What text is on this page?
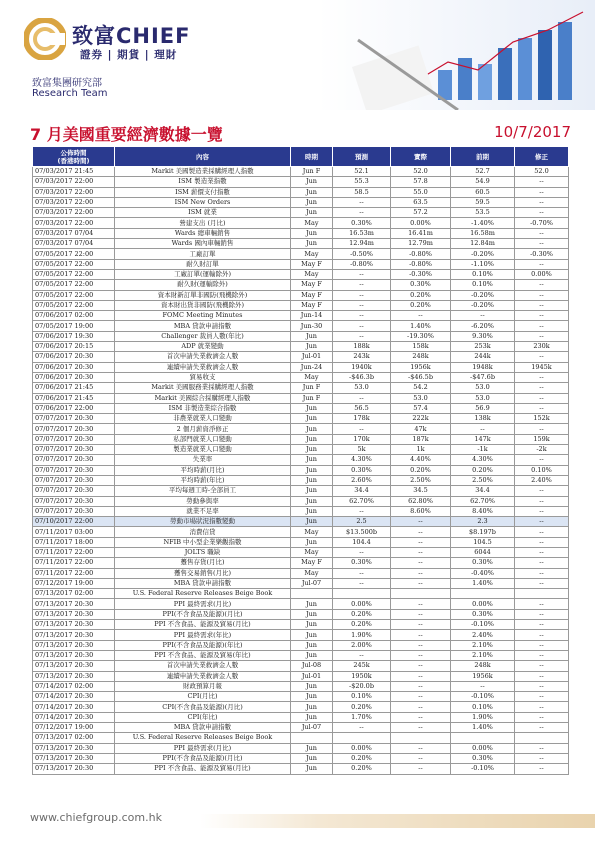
致富CHIEF
證券 | 期貨 | 理財
致富集團研究部
Research Team
7 月美國重要經濟數據一覽	10/7/2017
公佈時間
(香港時間)	內容	時期	預測	實際	前期	修正
07/03/2017 21:45	Markit 美國製造業採購經理人指數	Jun F	52.1	52.0	52.7	52.0
07/03/2017 22:00	ISM 製造業指數	Jun	55.3	57.8	54.9	--
07/03/2017 22:00	ISM 薪價支付指數	Jun	58.5	55.0	60.5	--
07/03/2017 22:00	ISM New Orders	Jun	--	63.5	59.5	--
07/03/2017 22:00	ISM 就業	Jun	--	57.2	53.5	--
07/03/2017 22:00	營建支出 (月比)	May	0.30%	0.00%	-1.40%	-0.70%
07/03/2017 07/04	Wards 總車輛銷售	Jun	16.53m	16.41m	16.58m	--
07/03/2017 07/04	Wards 國內車輛銷售	Jun	12.94m	12.79m	12.84m	--
07/05/2017 22:00	工廠訂單	May	-0.50%	-0.80%	-0.20%	-0.30%
07/05/2017 22:00	耐久財訂單	May F	-0.80%	-0.80%	-1.10%	--
07/05/2017 22:00	工廠訂單(運輸除外)	May	--	-0.30%	0.10%	0.00%
07/05/2017 22:00	耐久財(運輸除外)	May F	--	0.30%	0.10%	--
07/05/2017 22:00	資本財新訂單非國防(飛機除外)	May F	--	0.20%	-0.20%	--
07/05/2017 22:00	資本財出貨非國防(飛機除外)	May F	--	0.20%	-0.20%	--
07/06/2017 02:00	FOMC Meeting Minutes	Jun-14	--	--	--	--
07/05/2017 19:00	MBA 貸款申請指數	Jun-30	--	1.40%	-6.20%	--
07/06/2017 19:30	Challenger 裁員人數(年比)	Jun	--	-19.30%	9.30%	--
07/06/2017 20:15	ADP 就業變動	Jun	188k	158k	253k	230k
07/06/2017 20:30	首次申請失業救濟金人數	Jul-01	243k	248k	244k	--
07/06/2017 20:30	連續申請失業救濟金人數	Jun-24	1940k	1956k	1948k	1945k
07/06/2017 20:30	貿易收支	May	-$46.3b	-$46.5b	-$47.6b	--
07/06/2017 21:45	Markit 美國服務業採購經理人指數	Jun F	53.0	54.2	53.0	--
07/06/2017 21:45	Markit 美國綜合採購經理人指數	Jun F	--	53.0	53.0	--
07/06/2017 22:00	ISM 非製造業綜合指數	Jun	56.5	57.4	56.9	--
07/07/2017 20:30	非農業就業人口變動	Jun	178k	222k	138k	152k
07/07/2017 20:30	2 個月薪資淨修正	Jun	--	47k	--	--
07/07/2017 20:30	私部門就業人口變動	Jun	170k	187k	147k	159k
07/07/2017 20:30	製造業就業人口變動	Jun	5k	1k	-1k	-2k
07/07/2017 20:30	失業率	Jun	4.30%	4.40%	4.30%	--
07/07/2017 20:30	平均時薪(月比)	Jun	0.30%	0.20%	0.20%	0.10%
07/07/2017 20:30	平均時薪(年比)	Jun	2.60%	2.50%	2.50%	2.40%
07/07/2017 20:30	平均每週工時-全部員工	Jun	34.4	34.5	34.4	--
07/07/2017 20:30	勞動參與率	Jun	62.70%	62.80%	62.70%	--
07/07/2017 20:30	就業不足率	Jun	--	8.60%	8.40%	--
07/10/2017 22:00	勞動市場狀況指數變動	Jun	2.5	--	2.3	--
07/11/2017 03:00	消費信貸	May	$13.500b	--	$8.197b	--
07/11/2017 18:00	NFIB 中小型企業樂觀指數	Jun	104.4	--	104.5	--
07/11/2017 22:00	JOLTS 職缺	May	--	--	6044	--
07/11/2017 22:00	躉售存貨(月比)	May F	0.30%	--	0.30%	--
07/11/2017 22:00	躉售交易銷售(月比)	May	--	--	-0.40%	--
07/12/2017 19:00	MBA 貸款申請指數	Jul-07	--	--	1.40%	--
07/13/2017 02:00	U.S. Federal Reserve Releases Beige Book					
07/13/2017 20:30	PPI 最終需求(月比)	Jun	0.00%	--	0.00%	--
07/13/2017 20:30	PPI(不含食品及能源)(月比)	Jun	0.20%	--	0.30%	--
07/13/2017 20:30	PPI 不含食品、能源及貿易(月比)	Jun	0.20%	--	-0.10%	--
07/13/2017 20:30	PPI 最終需求(年比)	Jun	1.90%	--	2.40%	--
07/13/2017 20:30	PPI(不含食品及能源)(年比)	Jun	2.00%	--	2.10%	--
07/13/2017 20:30	PPI 不含食品、能源及貿易(年比)	Jun	--	--	2.10%	--
07/13/2017 20:30	首次申請失業救濟金人數	Jul-08	245k	--	248k	--
07/13/2017 20:30	連續申請失業救濟金人數	Jul-01	1950k	--	1956k	--
07/14/2017 02:00	財政預算月報	Jun	-$20.0b	--	--	--
07/14/2017 20:30	CPI(月比)	Jun	0.10%	--	-0.10%	--
07/14/2017 20:30	CPI(不含食品及能源)(月比)	Jun	0.20%	--	0.10%	--
07/14/2017 20:30	CPI(年比)	Jun	1.70%	--	1.90%	--
07/12/2017 19:00	MBA 貸款申請指數	Jul-07	--	--	1.40%	--
07/13/2017 02:00	U.S. Federal Reserve Releases Beige Book					
07/13/2017 20:30	PPI 最終需求(月比)	Jun	0.00%	--	0.00%	--
07/13/2017 20:30	PPI(不含食品及能源)(月比)	Jun	0.20%	--	0.30%	--
07/13/2017 20:30	PPI 不含食品、能源及貿易(月比)	Jun	0.20%	--	-0.10%	--
www.chiefgroup.com.hk
